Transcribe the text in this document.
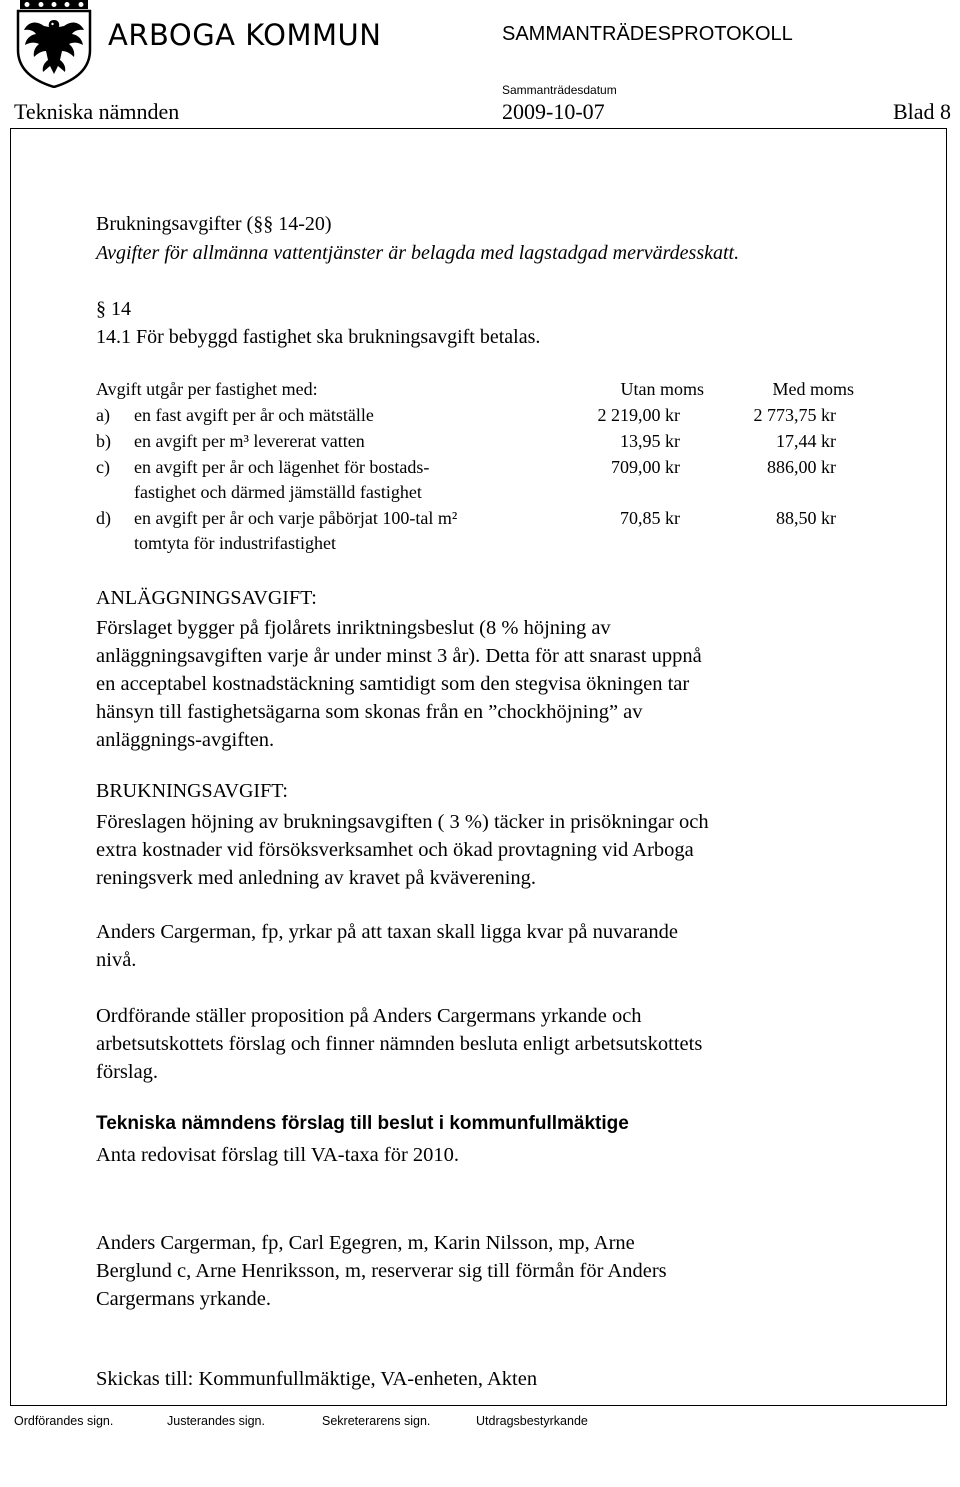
ARBOGA KOMMUN	SAMMANTRÄDESPROTOKOLL
Sammanträdesdatum
Tekniska nämnden	2009-10-07	Blad 8
Brukningsavgifter (§§ 14-20)
Avgifter för allmänna vattentjänster är belagda med lagstadgad mervärdesskatt.
§ 14
14.1 För bebyggd fastighet ska brukningsavgift betalas.
Avgift utgår per fastighet med:	Utan moms	Med moms
a) en fast avgift per år och mätställe	2 219,00 kr	2 773,75 kr
b) en avgift per m³ levererat vatten	13,95 kr	17,44 kr
c) en avgift per år och lägenhet för bostads-	709,00 kr	886,00 kr
fastighet och därmed jämställd fastighet
d) en avgift per år och varje påbörjat 100-tal m²	70,85 kr	88,50 kr
tomtyta för industrifastighet
ANLÄGGNINGSAVGIFT:
Förslaget bygger på fjolårets inriktningsbeslut (8 % höjning av
anläggningsavgiften varje år under minst 3 år). Detta för att snarast uppnå
en acceptabel kostnadstäckning samtidigt som den stegvisa ökningen tar
hänsyn till fastighetsägarna som skonas från en ”chockhöjning” av
anläggnings-avgiften.
BRUKNINGSAVGIFT:
Föreslagen höjning av brukningsavgiften ( 3 %) täcker in prisökningar och
extra kostnader vid försöksverksamhet och ökad provtagning vid Arboga
reningsverk med anledning av kravet på kväverening.
Anders Cargerman, fp, yrkar på att taxan skall ligga kvar på nuvarande
nivå.
Ordförande ställer proposition på Anders Cargermans yrkande och
arbetsutskottets förslag och finner nämnden besluta enligt arbetsutskottets
förslag.
Tekniska nämndens förslag till beslut i kommunfullmäktige
Anta redovisat förslag till VA-taxa för 2010.
Anders Cargerman, fp, Carl Egegren, m, Karin Nilsson, mp, Arne
Berglund c, Arne Henriksson, m, reserverar sig till förmån för Anders
Cargermans yrkande.
Skickas till: Kommunfullmäktige, VA-enheten, Akten
Ordförandes sign.	Justerandes sign.	Sekreterarens sign.	Utdragsbestyrkande
